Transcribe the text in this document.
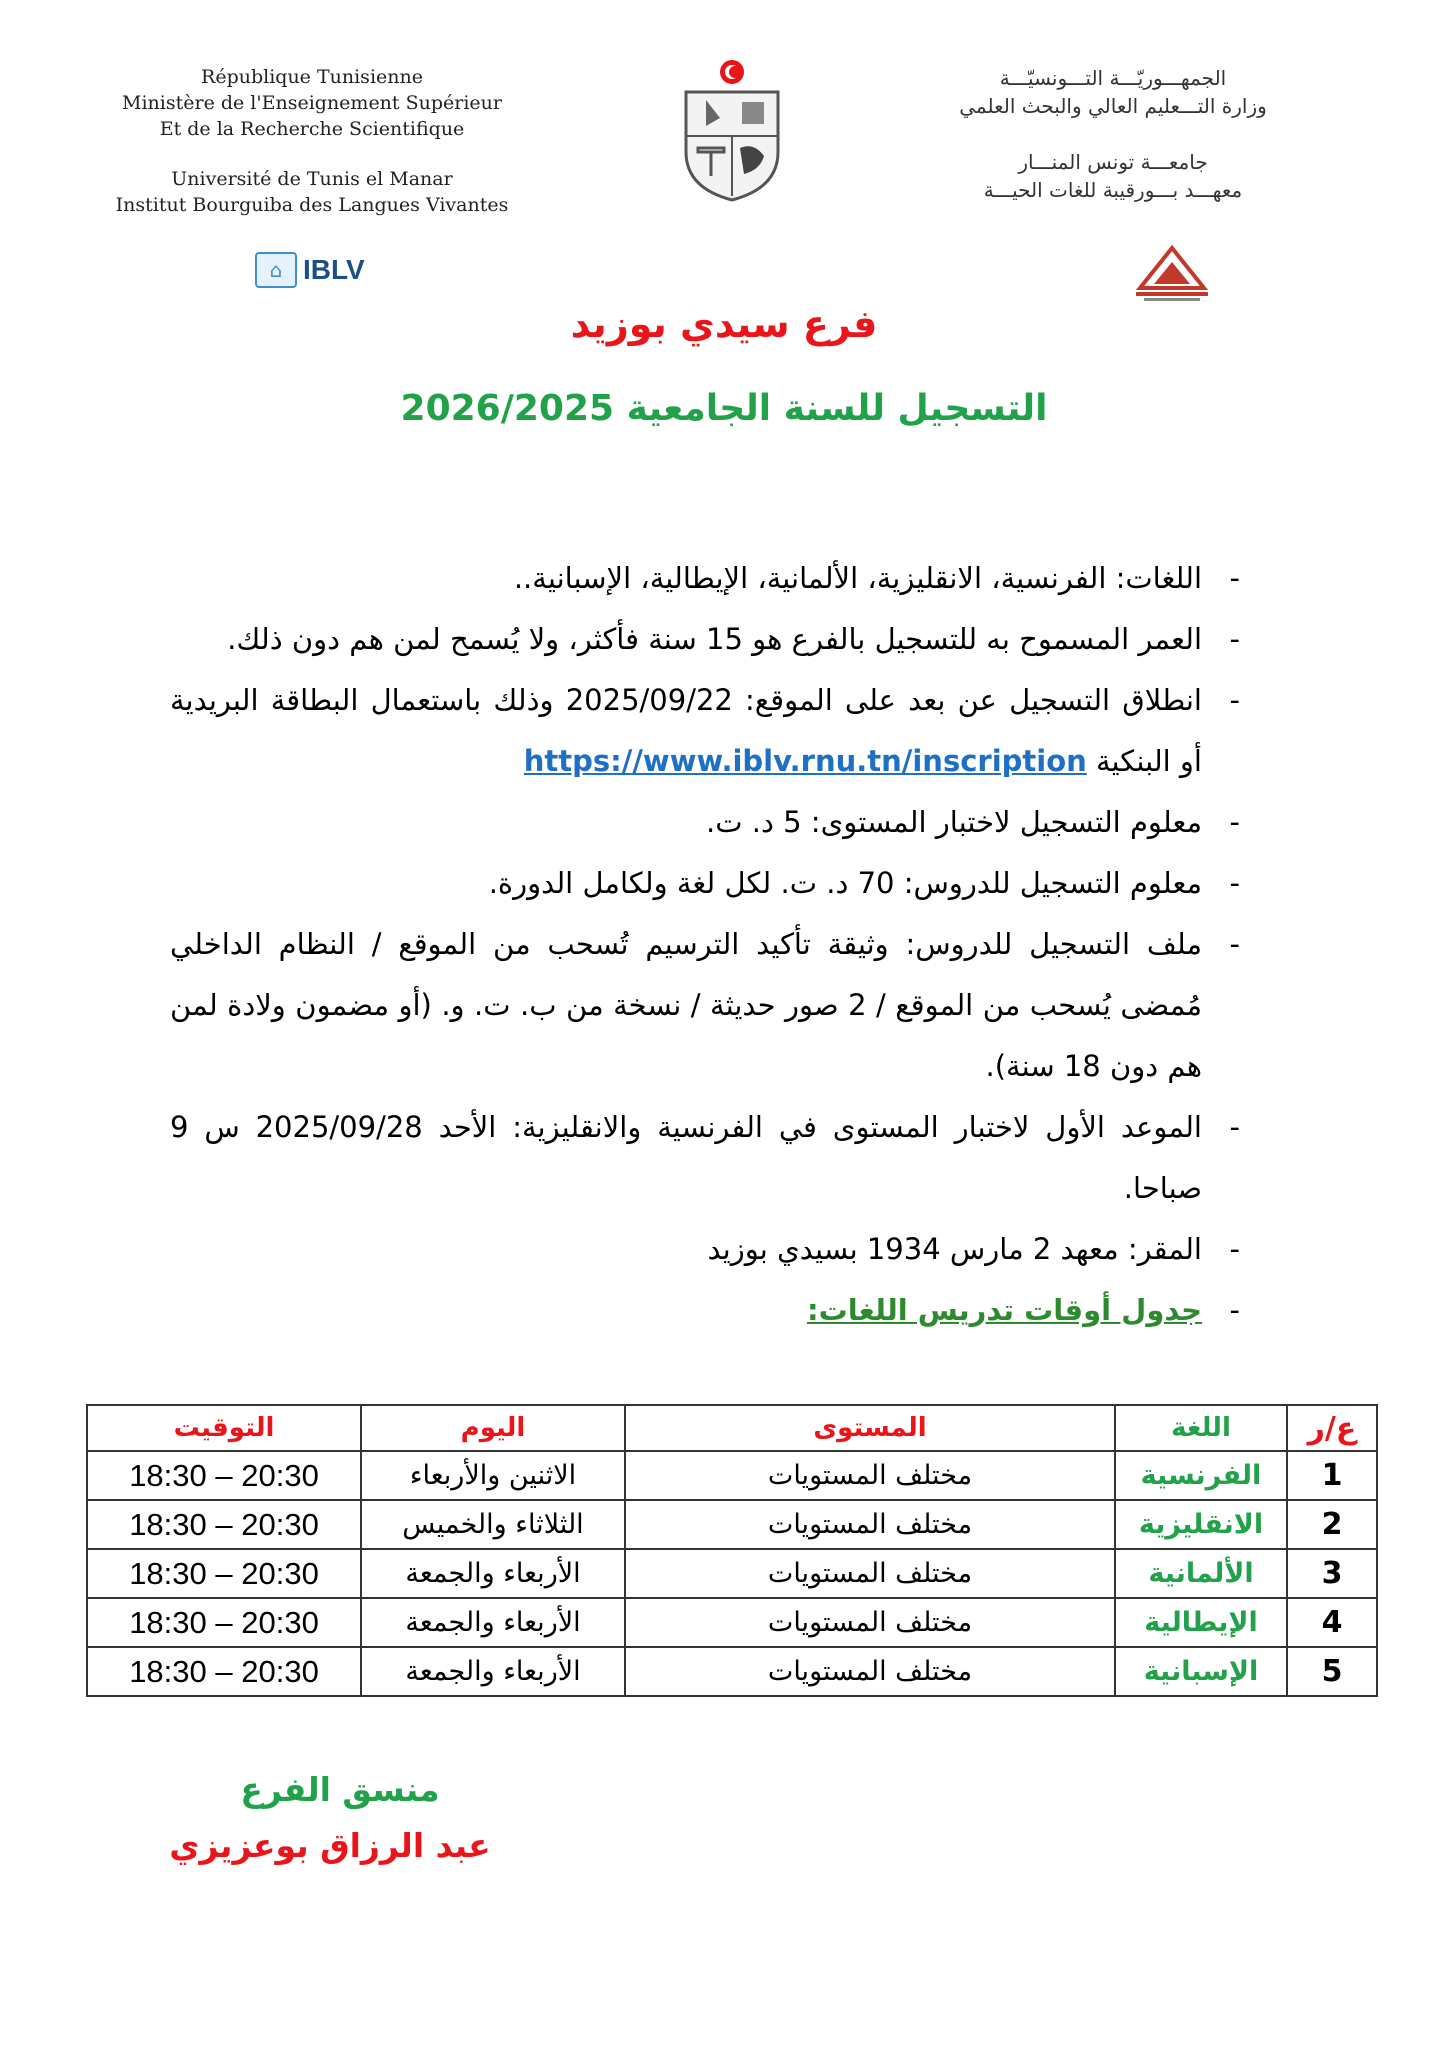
République Tunisienne
Ministère de l'Enseignement Supérieur
Et de la Recherche Scientifique
Université de Tunis el Manar
Institut Bourguiba des Langues Vivantes
⌂ IBLV
الجمهـــوريّـــة التـــونسيّـــة
وزارة التـــعليم العالي والبحث العلمي
جامعـــة تونس المنـــار
معهـــد بـــورقيبة للغات الحيـــة
فرع سيدي بوزيد
التسجيل للسنة الجامعية 2026/2025
- اللغات: الفرنسية، الانقليزية، الألمانية، الإيطالية، الإسبانية..
- العمر المسموح به للتسجيل بالفرع هو 15 سنة فأكثر، ولا يُسمح لمن هم دون ذلك.
- انطلاق التسجيل عن بعد على الموقع: 2025/09/22 وذلك باستعمال البطاقة البريدية أو البنكية https://www.iblv.rnu.tn/inscription
- معلوم التسجيل لاختبار المستوى: 5 د. ت.
- معلوم التسجيل للدروس: 70 د. ت. لكل لغة ولكامل الدورة.
- ملف التسجيل للدروس: وثيقة تأكيد الترسيم تُسحب من الموقع / النظام الداخلي مُمضى يُسحب من الموقع / 2 صور حديثة / نسخة من ب. ت. و. (أو مضمون ولادة لمن هم دون 18 سنة).
- الموعد الأول لاختبار المستوى في الفرنسية والانقليزية: الأحد 2025/09/28 س 9 صباحا.
- المقر: معهد 2 مارس 1934 بسيدي بوزيد
- جدول أوقات تدريس اللغات:
ع/ر	اللغة	المستوى	اليوم	التوقيت
1	الفرنسية	مختلف المستويات	الاثنين والأربعاء	18:30 – 20:30
2	الانقليزية	مختلف المستويات	الثلاثاء والخميس	18:30 – 20:30
3	الألمانية	مختلف المستويات	الأربعاء والجمعة	18:30 – 20:30
4	الإيطالية	مختلف المستويات	الأربعاء والجمعة	18:30 – 20:30
5	الإسبانية	مختلف المستويات	الأربعاء والجمعة	18:30 – 20:30
منسق الفرع
عبد الرزاق بوعزيزي
